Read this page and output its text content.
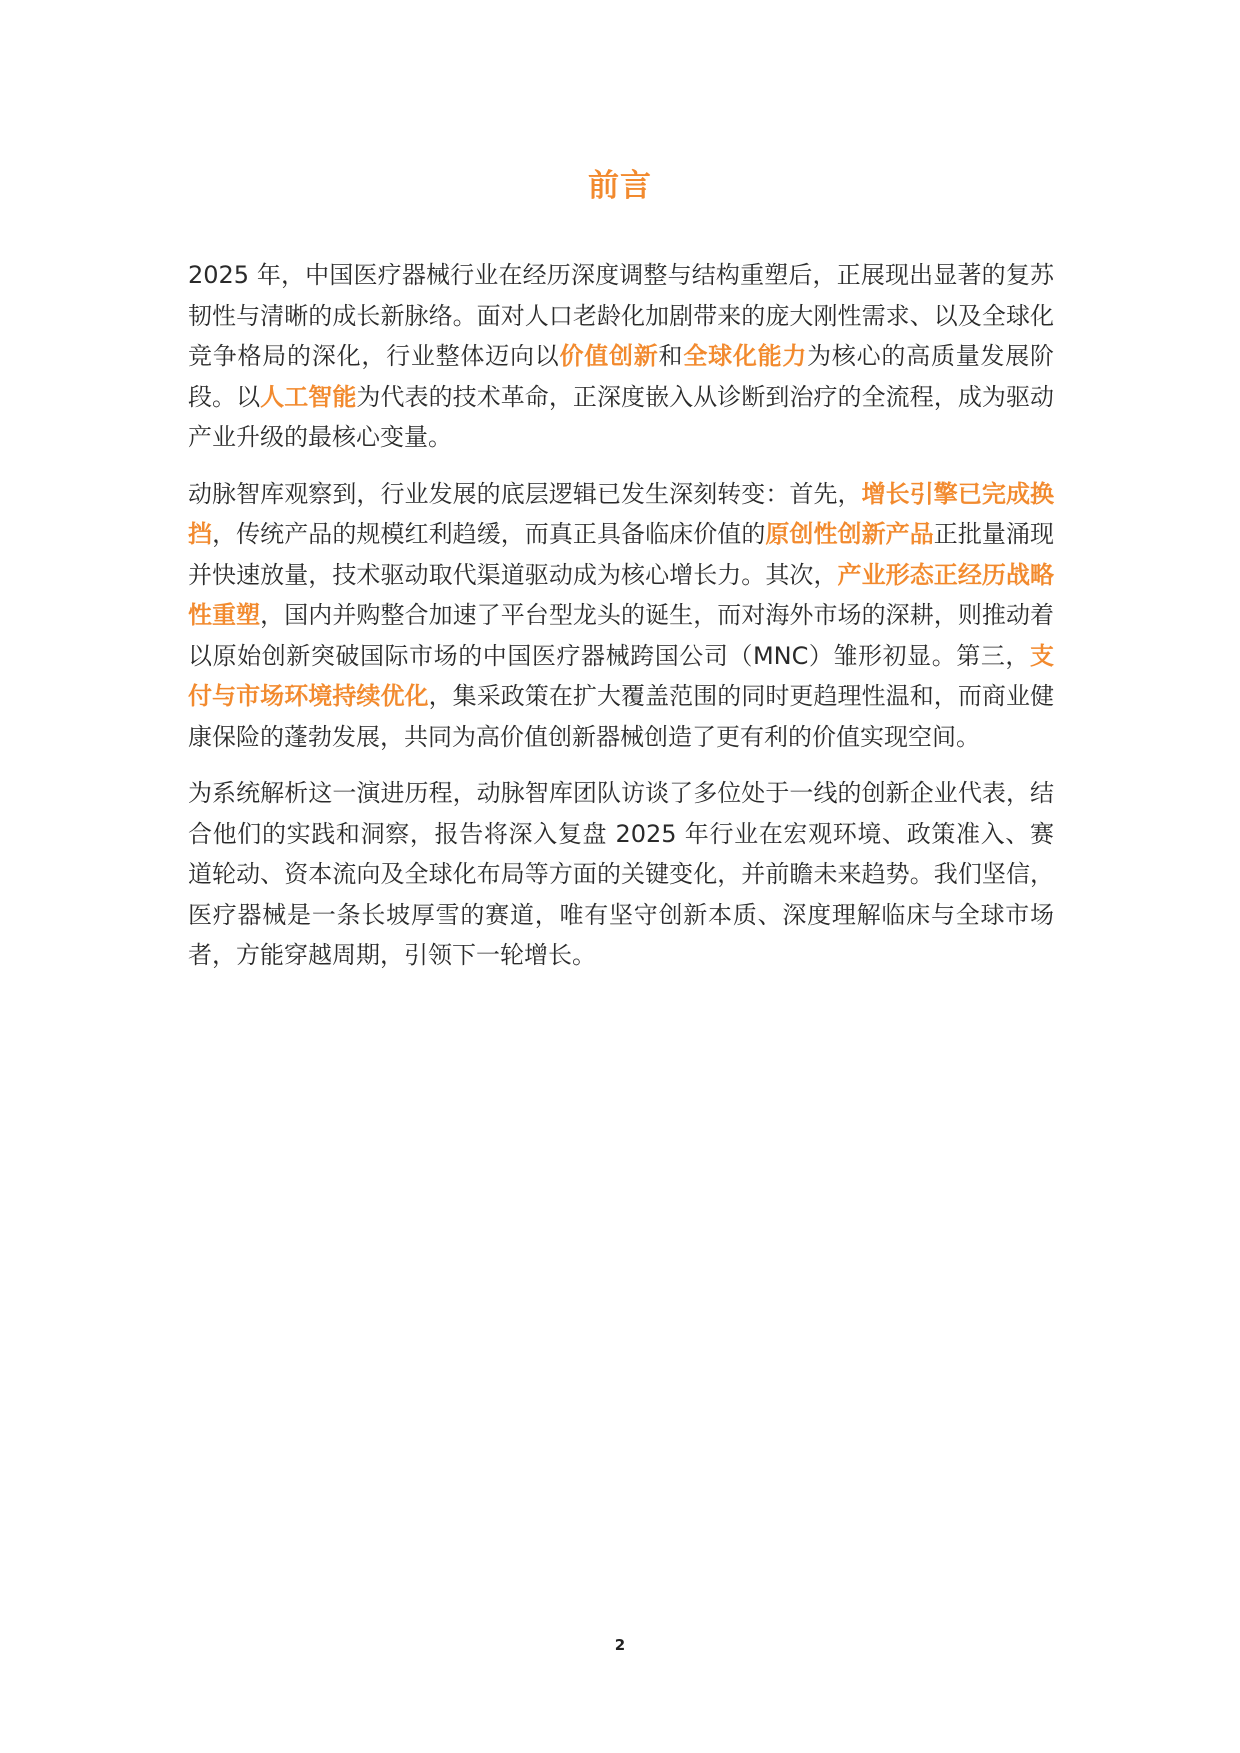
前言

2025 年，中国医疗器械行业在经历深度调整与结构重塑后，正展现出显著的复苏韧性与清晰的成长新脉络。面对人口老龄化加剧带来的庞大刚性需求、以及全球化竞争格局的深化，行业整体迈向以价值创新和全球化能力为核心的高质量发展阶段。以人工智能为代表的技术革命，正深度嵌入从诊断到治疗的全流程，成为驱动产业升级的最核心变量。

动脉智库观察到，行业发展的底层逻辑已发生深刻转变：首先，增长引擎已完成换挡，传统产品的规模红利趋缓，而真正具备临床价值的原创性创新产品正批量涌现并快速放量，技术驱动取代渠道驱动成为核心增长力。其次，产业形态正经历战略性重塑，国内并购整合加速了平台型龙头的诞生，而对海外市场的深耕，则推动着以原始创新突破国际市场的中国医疗器械跨国公司（MNC）雏形初显。第三，支付与市场环境持续优化，集采政策在扩大覆盖范围的同时更趋理性温和，而商业健康保险的蓬勃发展，共同为高价值创新器械创造了更有利的价值实现空间。

为系统解析这一演进历程，动脉智库团队访谈了多位处于一线的创新企业代表，结合他们的实践和洞察，报告将深入复盘 2025 年行业在宏观环境、政策准入、赛道轮动、资本流向及全球化布局等方面的关键变化，并前瞻未来趋势。我们坚信，医疗器械是一条长坡厚雪的赛道，唯有坚守创新本质、深度理解临床与全球市场者，方能穿越周期，引领下一轮增长。

2
